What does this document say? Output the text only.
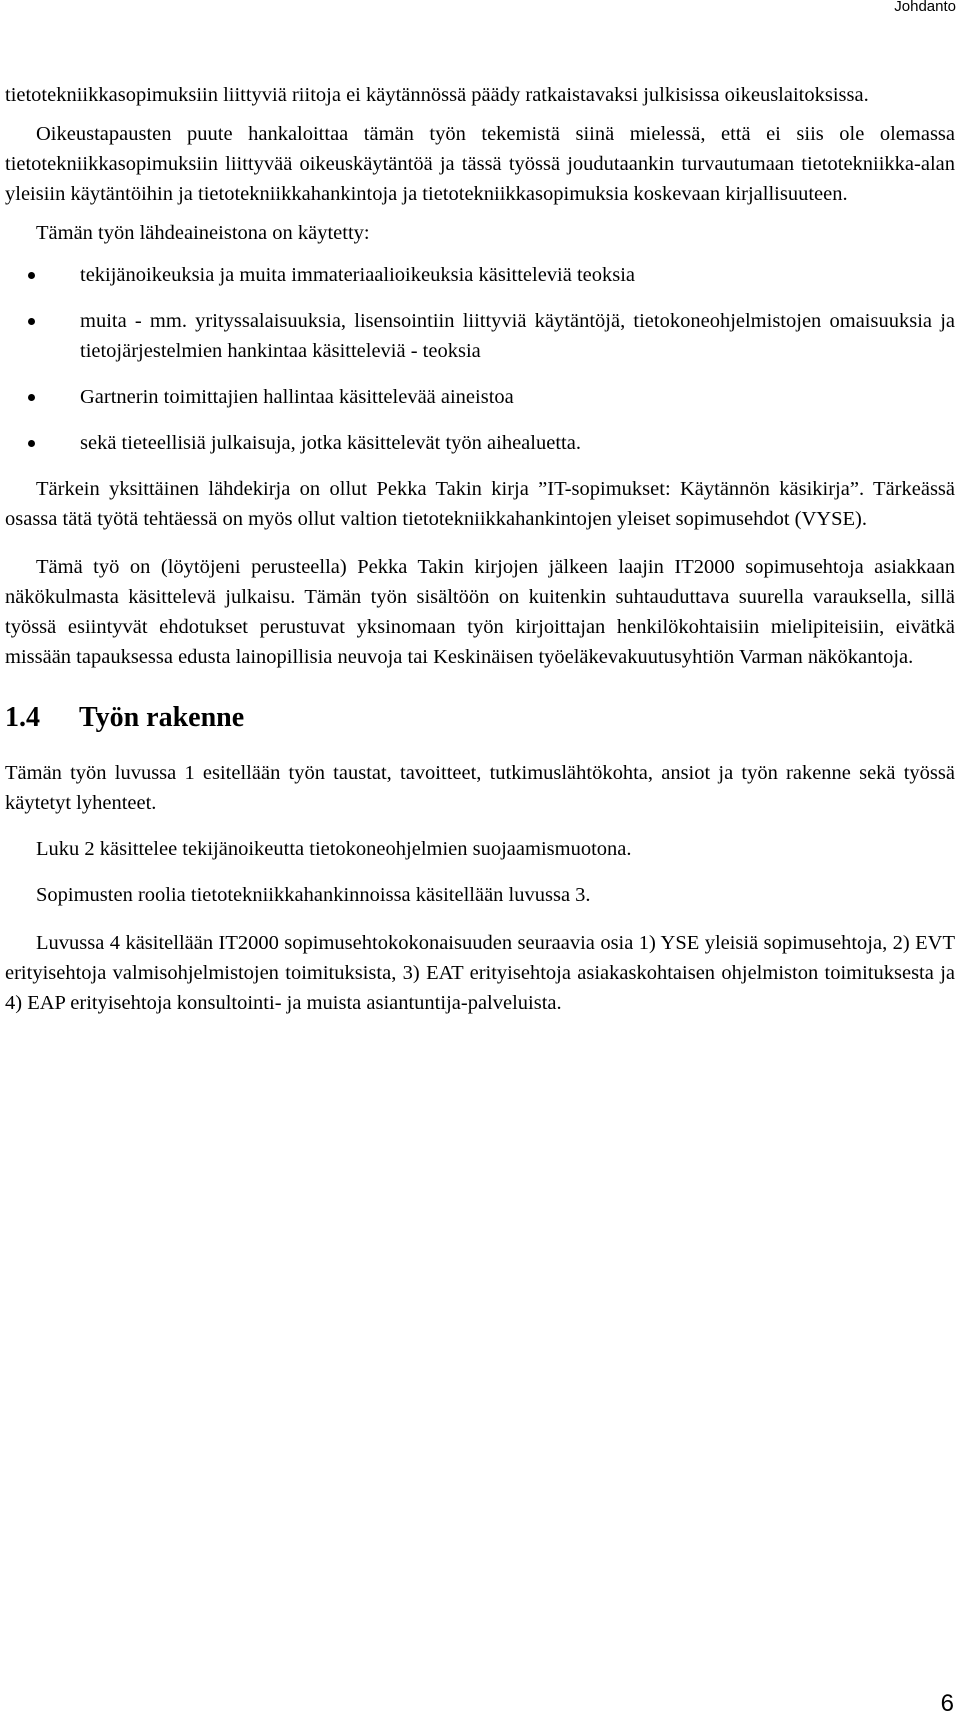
Johdanto

tietotekniikkasopimuksiin liittyviä riitoja ei käytännössä päädy ratkaistavaksi julkisissa oikeuslaitoksissa.

Oikeustapausten puute hankaloittaa tämän työn tekemistä siinä mielessä, että ei siis ole olemassa tietotekniikkasopimuksiin liittyvää oikeuskäytäntöä ja tässä työssä joudutaankin turvautumaan tietotekniikka-alan yleisiin käytäntöihin ja tietotekniikkahankintoja ja tietotekniikkasopimuksia koskevaan kirjallisuuteen.

Tämän työn lähdeaineistona on käytetty:

tekijänoikeuksia ja muita immateriaalioikeuksia käsitteleviä teoksia
muita - mm. yrityssalaisuuksia, lisensointiin liittyviä käytäntöjä, tietokoneohjelmistojen omaisuuksia ja tietojärjestelmien hankintaa käsitteleviä - teoksia
Gartnerin toimittajien hallintaa käsittelevää aineistoa
sekä tieteellisiä julkaisuja, jotka käsittelevät työn aihealuetta.

Tärkein yksittäinen lähdekirja on ollut Pekka Takin kirja ”IT-sopimukset: Käytännön käsikirja”. Tärkeässä osassa tätä työtä tehtäessä on myös ollut valtion tietotekniikkahankintojen yleiset sopimusehdot (VYSE).

Tämä työ on (löytöjeni perusteella) Pekka Takin kirjojen jälkeen laajin IT2000 sopimusehtoja asiakkaan näkökulmasta käsittelevä julkaisu. Tämän työn sisältöön on kuitenkin suhtauduttava suurella varauksella, sillä työssä esiintyvät ehdotukset perustuvat yksinomaan työn kirjoittajan henkilökohtaisiin mielipiteisiin, eivätkä missään tapauksessa edusta lainopillisia neuvoja tai Keskinäisen työeläkevakuutusyhtiön Varman näkökantoja.

1.4 Työn rakenne

Tämän työn luvussa 1 esitellään työn taustat, tavoitteet, tutkimuslähtökohta, ansiot ja työn rakenne sekä työssä käytetyt lyhenteet.

Luku 2 käsittelee tekijänoikeutta tietokoneohjelmien suojaamismuotona.

Sopimusten roolia tietotekniikkahankinnoissa käsitellään luvussa 3.

Luvussa 4 käsitellään IT2000 sopimusehtokokonaisuuden seuraavia osia 1) YSE yleisiä sopimusehtoja, 2) EVT erityisehtoja valmisohjelmistojen toimituksista, 3) EAT erityisehtoja asiakaskohtaisen ohjelmiston toimituksesta ja 4) EAP erityisehtoja konsultointi- ja muista asiantuntija-palveluista.

6
